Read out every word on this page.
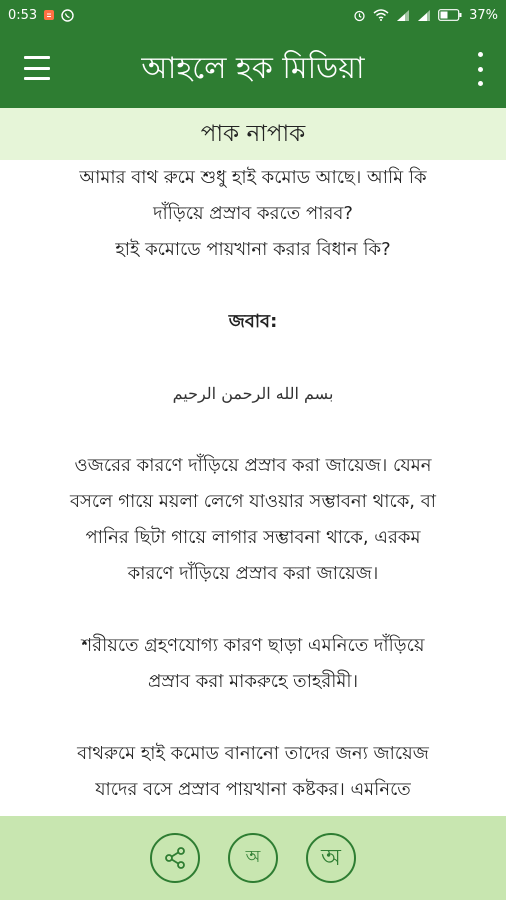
0:53	37%
আহলে হক মিডিয়া
পাক নাপাক

আমার বাথ রুমে শুধু হাই কমোড আছে। আমি কি

দাঁড়িয়ে প্রস্রাব করতে পারব?

হাই কমোডে পায়খানা করার বিধান কি?

জবাব:

بسم الله الرحمن الرحيم

ওজরের কারণে দাঁড়িয়ে প্রস্রাব করা জায়েজ। যেমন

বসলে গায়ে ময়লা লেগে যাওয়ার সম্ভাবনা থাকে, বা

পানির ছিটা গায়ে লাগার সম্ভাবনা থাকে, এরকম

কারণে দাঁড়িয়ে প্রস্রাব করা জায়েজ।

শরীয়তে গ্রহণযোগ্য কারণ ছাড়া এমনিতে দাঁড়িয়ে

প্রস্রাব করা মাকরুহে তাহরীমী।

বাথরুমে হাই কমোড বানানো তাদের জন্য জায়েজ

যাদের বসে প্রস্রাব পায়খানা কষ্টকর। এমনিতে

অ	অ
